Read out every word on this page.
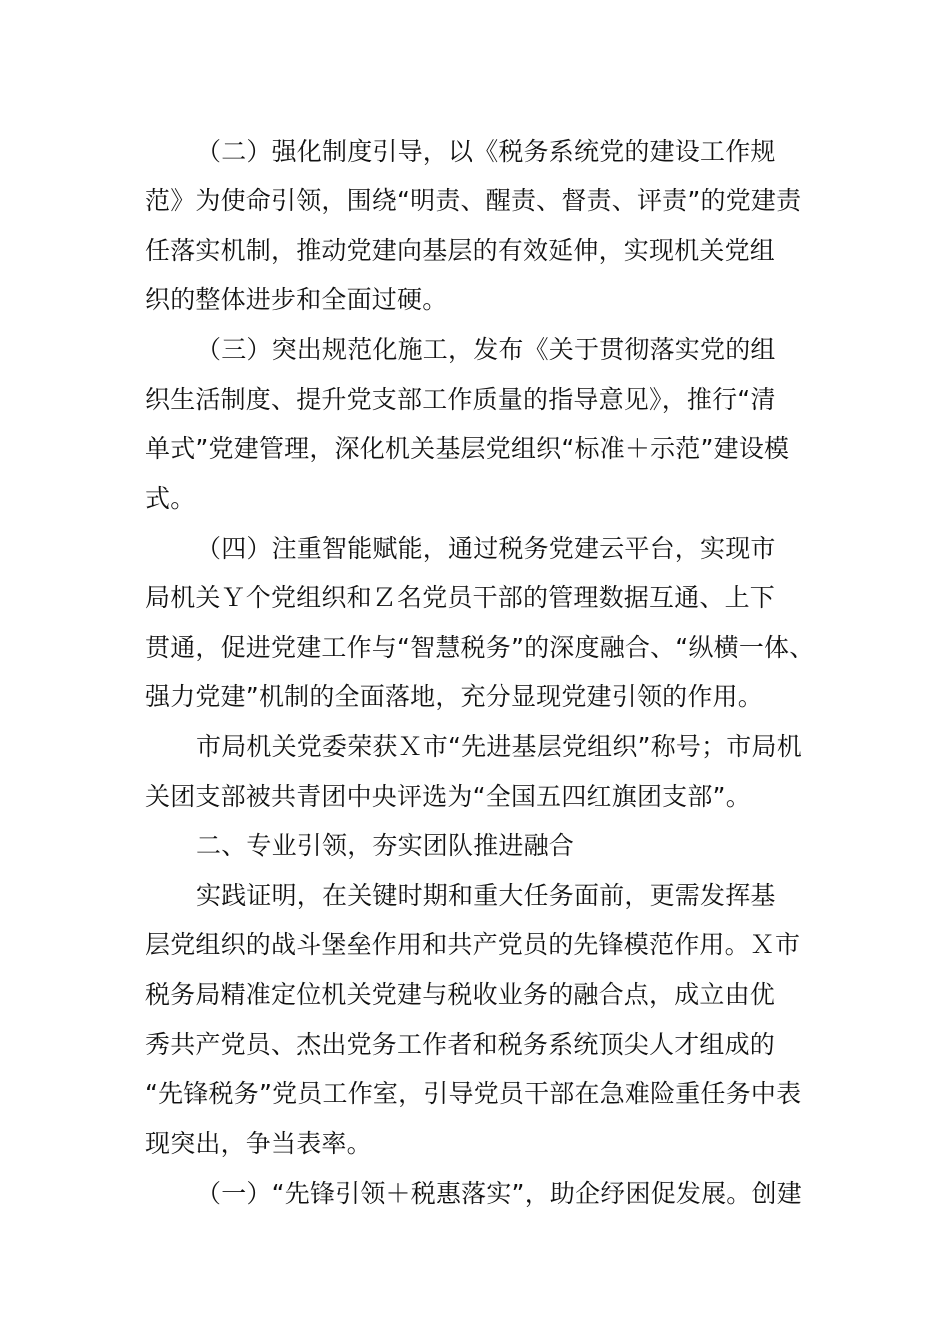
（二）强化制度引导，以《税务系统党的建设工作规
范》为使命引领，围绕“明责、醒责、督责、评责”的党建责
任落实机制，推动党建向基层的有效延伸，实现机关党组
织的整体进步和全面过硬。
（三）突出规范化施工，发布《关于贯彻落实党的组
织生活制度、提升党支部工作质量的指导意见》，推行“清
单式”党建管理，深化机关基层党组织“标准＋示范”建设模
式。
（四）注重智能赋能，通过税务党建云平台，实现市
局机关Ｙ个党组织和Ｚ名党员干部的管理数据互通、上下
贯通，促进党建工作与“智慧税务”的深度融合、“纵横一体、
强力党建”机制的全面落地，充分显现党建引领的作用。
市局机关党委荣获Ｘ市“先进基层党组织”称号；市局机
关团支部被共青团中央评选为“全国五四红旗团支部”。
二、专业引领，夯实团队推进融合
实践证明，在关键时期和重大任务面前，更需发挥基
层党组织的战斗堡垒作用和共产党员的先锋模范作用。Ｘ市
税务局精准定位机关党建与税收业务的融合点，成立由优
秀共产党员、杰出党务工作者和税务系统顶尖人才组成的
“先锋税务”党员工作室，引导党员干部在急难险重任务中表
现突出，争当表率。
（一）“先锋引领＋税惠落实”，助企纾困促发展。创建
